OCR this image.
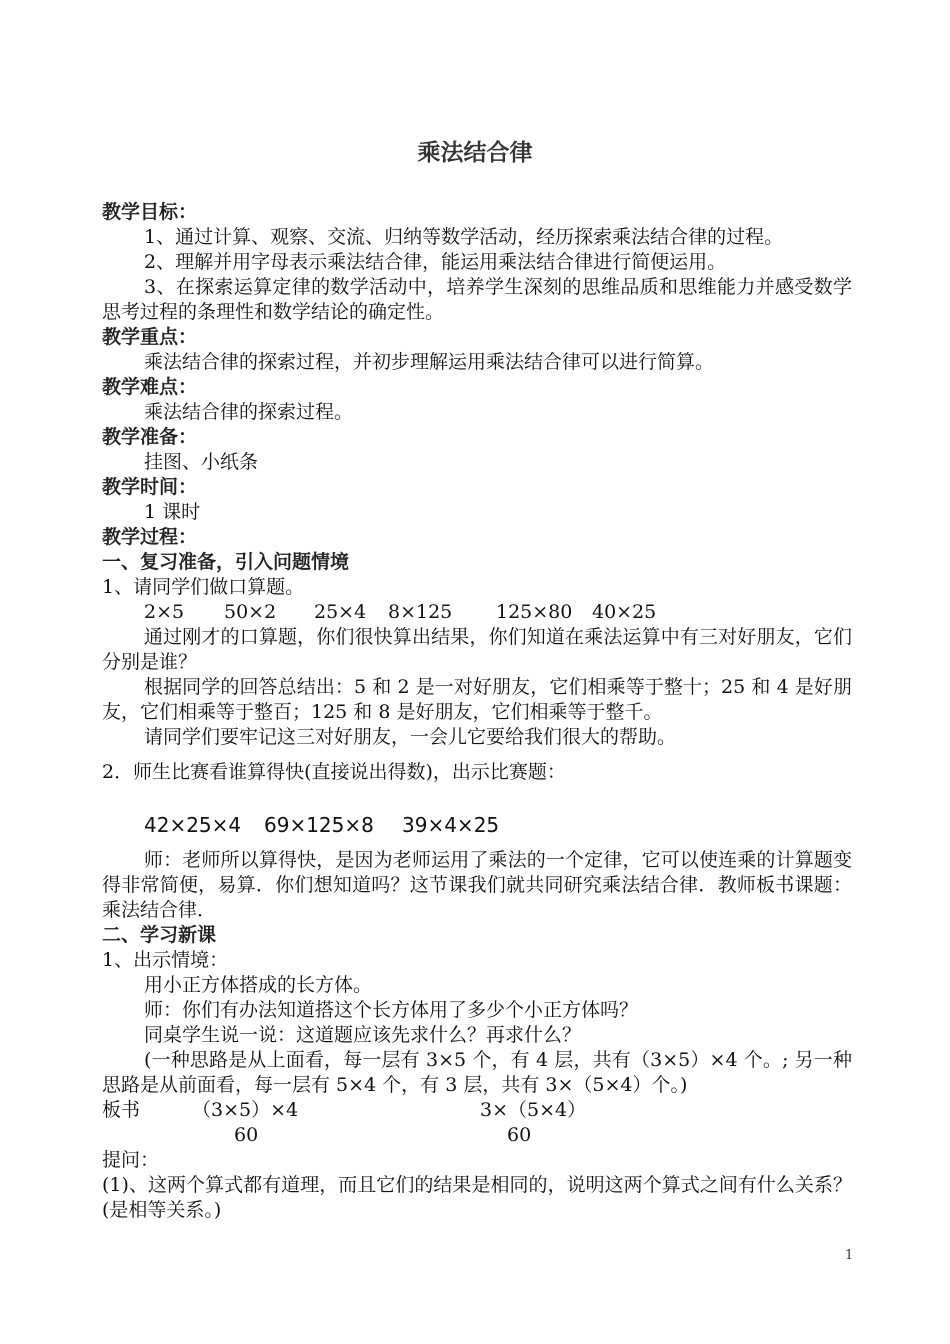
乘法结合律
教学目标：
1、通过计算、观察、交流、归纳等数学活动，经历探索乘法结合律的过程。
2、理解并用字母表示乘法结合律，能运用乘法结合律进行简便运用。
3、在探索运算定律的数学活动中，培养学生深刻的思维品质和思维能力并感受数学思考过程的条理性和数学结论的确定性。
教学重点：
乘法结合律的探索过程，并初步理解运用乘法结合律可以进行简算。
教学难点：
乘法结合律的探索过程。
教学准备：
挂图、小纸条
教学时间：
1 课时
教学过程：
一、复习准备，引入问题情境
1、请同学们做口算题。
2×5 50×2 25×4 8×125 125×80 40×25
通过刚才的口算题，你们很快算出结果，你们知道在乘法运算中有三对好朋友，它们分别是谁？
根据同学的回答总结出：5 和 2 是一对好朋友，它们相乘等于整十；25 和 4 是好朋友，它们相乘等于整百；125 和 8 是好朋友，它们相乘等于整千。
请同学们要牢记这三对好朋友，一会儿它要给我们很大的帮助。
2．师生比赛看谁算得快(直接说出得数)，出示比赛题：
42×25×4 69×125×8 39×4×25
师：老师所以算得快，是因为老师运用了乘法的一个定律，它可以使连乘的计算题变得非常简便，易算．你们想知道吗？这节课我们就共同研究乘法结合律．教师板书课题：乘法结合律．
二、学习新课
1、出示情境：
用小正方体搭成的长方体。
师：你们有办法知道搭这个长方体用了多少个小正方体吗？
同桌学生说一说：这道题应该先求什么？再求什么？
(一种思路是从上面看，每一层有 3×5 个，有 4 层，共有（3×5）×4 个。; 另一种思路是从前面看，每一层有 5×4 个，有 3 层，共有 3×（5×4）个。)
板书	（3×5）×4	3×（5×4）
60	60
提问：
(1)、这两个算式都有道理，而且它们的结果是相同的，说明这两个算式之间有什么关系？(是相等关系。)
1
